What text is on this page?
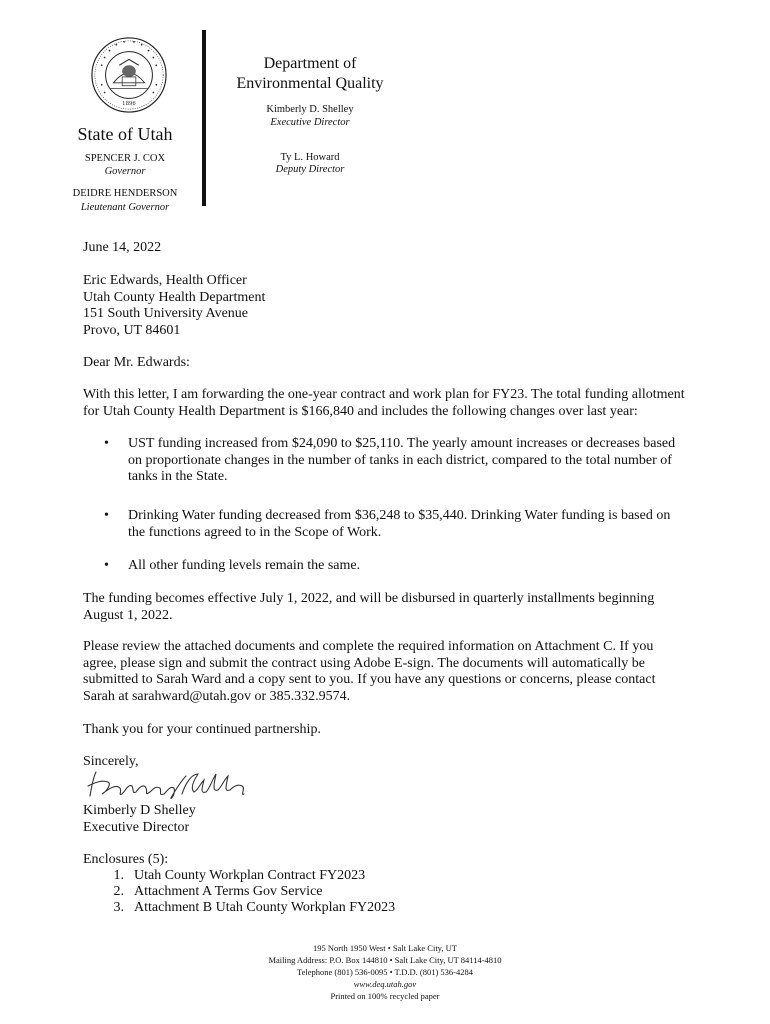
1896
State of Utah
SPENCER J. COX
Governor
DEIDRE HENDERSON
Lieutenant Governor
Department of
Environmental Quality
Kimberly D. Shelley
Executive Director
Ty L. Howard
Deputy Director
June 14, 2022
Eric Edwards, Health Officer
Utah County Health Department
151 South University Avenue
Provo, UT 84601
Dear Mr. Edwards:
With this letter, I am forwarding the one-year contract and work plan for FY23. The total funding allotment
for Utah County Health Department is $166,840 and includes the following changes over last year:
• UST funding increased from $24,090 to $25,110. The yearly amount increases or decreases based
on proportionate changes in the number of tanks in each district, compared to the total number of
tanks in the State.
• Drinking Water funding decreased from $36,248 to $35,440. Drinking Water funding is based on
the functions agreed to in the Scope of Work.
• All other funding levels remain the same.
The funding becomes effective July 1, 2022, and will be disbursed in quarterly installments beginning
August 1, 2022.
Please review the attached documents and complete the required information on Attachment C. If you
agree, please sign and submit the contract using Adobe E-sign. The documents will automatically be
submitted to Sarah Ward and a copy sent to you. If you have any questions or concerns, please contact
Sarah at sarahward@utah.gov or 385.332.9574.
Thank you for your continued partnership.
Sincerely,
Kimberly D Shelley
Executive Director
Enclosures (5):
1. Utah County Workplan Contract FY2023
2. Attachment A Terms Gov Service
3. Attachment B Utah County Workplan FY2023
195 North 1950 West • Salt Lake City, UT
Mailing Address: P.O. Box 144810 • Salt Lake City, UT 84114-4810
Telephone (801) 536-0095 • T.D.D. (801) 536-4284
www.deq.utah.gov
Printed on 100% recycled paper
